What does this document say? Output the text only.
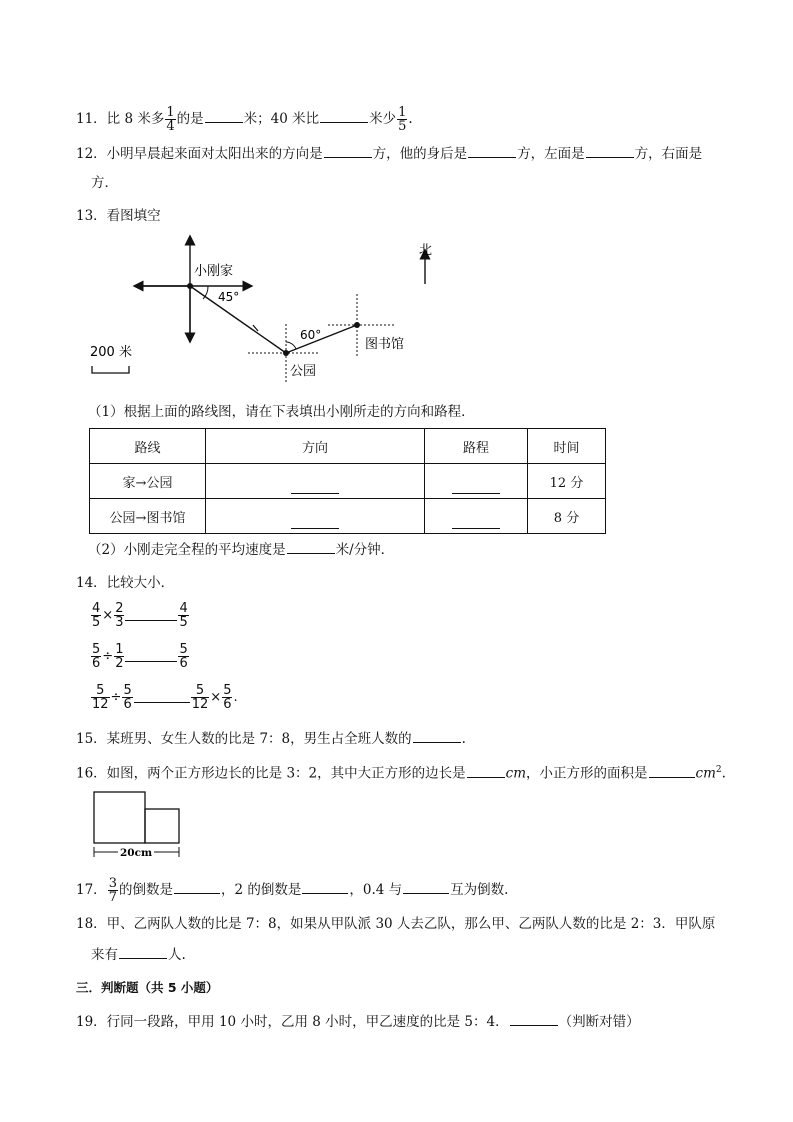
11．比 8 米多 $\frac{1}{4}$ 的是	米；40 米比	米少 $\frac{1}{5}$ .
12．小明早晨起来面对太阳出来的方向是	方，他的身后是	方，左面是	方，右面是
方．
13．看图填空
小刚家
45°
公园
60°
图书馆
北
200 米
（1）根据上面的路线图，请在下表填出小刚所走的方向和路程．
路线	方向	路程	时间
家→公园			12 分
公园→图书馆			8 分
（2）小刚走完全程的平均速度是	米/分钟．
14．比较大小．
$\frac{4}{5} \times \frac{2}{3}$	$\frac{4}{5}$
$\frac{5}{6} \div \frac{1}{2}$	$\frac{5}{6}$
$\frac{5}{12} \div \frac{5}{6}$	$\frac{5}{12} \times \frac{5}{6}$ .
15．某班男、女生人数的比是 7：8，男生占全班人数的	.
16．如图，两个正方形边长的比是 3：2，其中大正方形的边长是	cm，小正方形的面积是	$cm^2$.
20cm
17． $\frac{3}{7}$ 的倒数是	，2 的倒数是	，0.4 与	互为倒数.
18．甲、乙两队人数的比是 7：8，如果从甲队派 30 人去乙队，那么甲、乙两队人数的比是 2：3．甲队原
来有	人.
三．判断题（共 5 小题）
19．行同一段路，甲用 10 小时，乙用 8 小时，甲乙速度的比是 5：4．	（判断对错）
